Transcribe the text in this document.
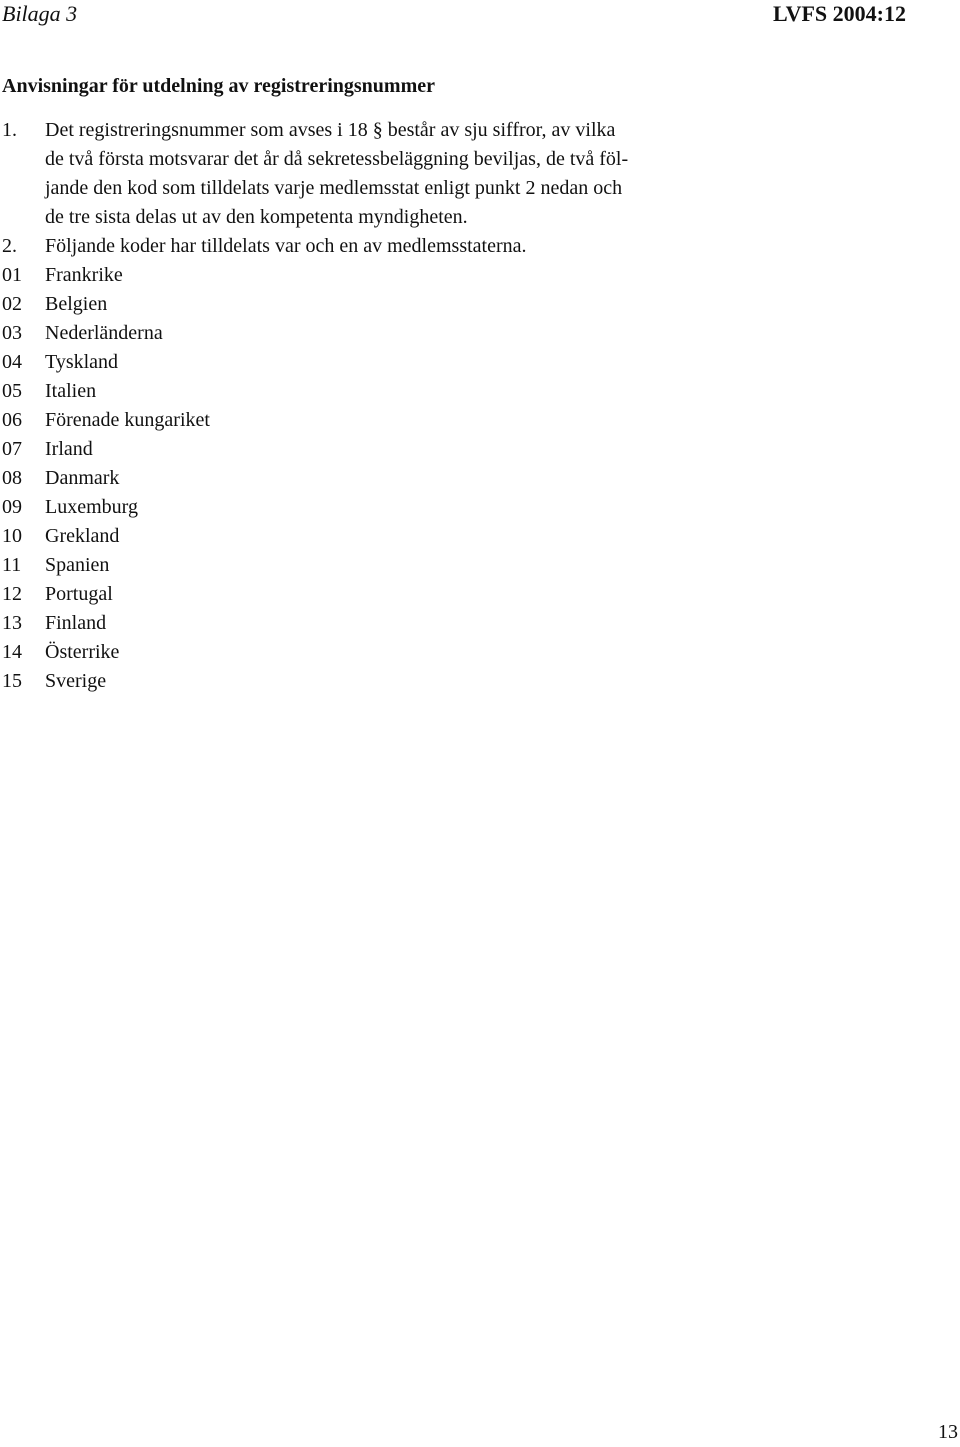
Bilaga 3	LVFS 2004:12
Anvisningar för utdelning av registreringsnummer
1. Det registreringsnummer som avses i 18 § består av sju siffror, av vilka
de två första motsvarar det år då sekretessbeläggning beviljas, de två föl-
jande den kod som tilldelats varje medlemsstat enligt punkt 2 nedan och
de tre sista delas ut av den kompetenta myndigheten.
2. Följande koder har tilldelats var och en av medlemsstaterna.
01 Frankrike
02 Belgien
03 Nederländerna
04 Tyskland
05 Italien
06 Förenade kungariket
07 Irland
08 Danmark
09 Luxemburg
10 Grekland
11 Spanien
12 Portugal
13 Finland
14 Österrike
15 Sverige
13
